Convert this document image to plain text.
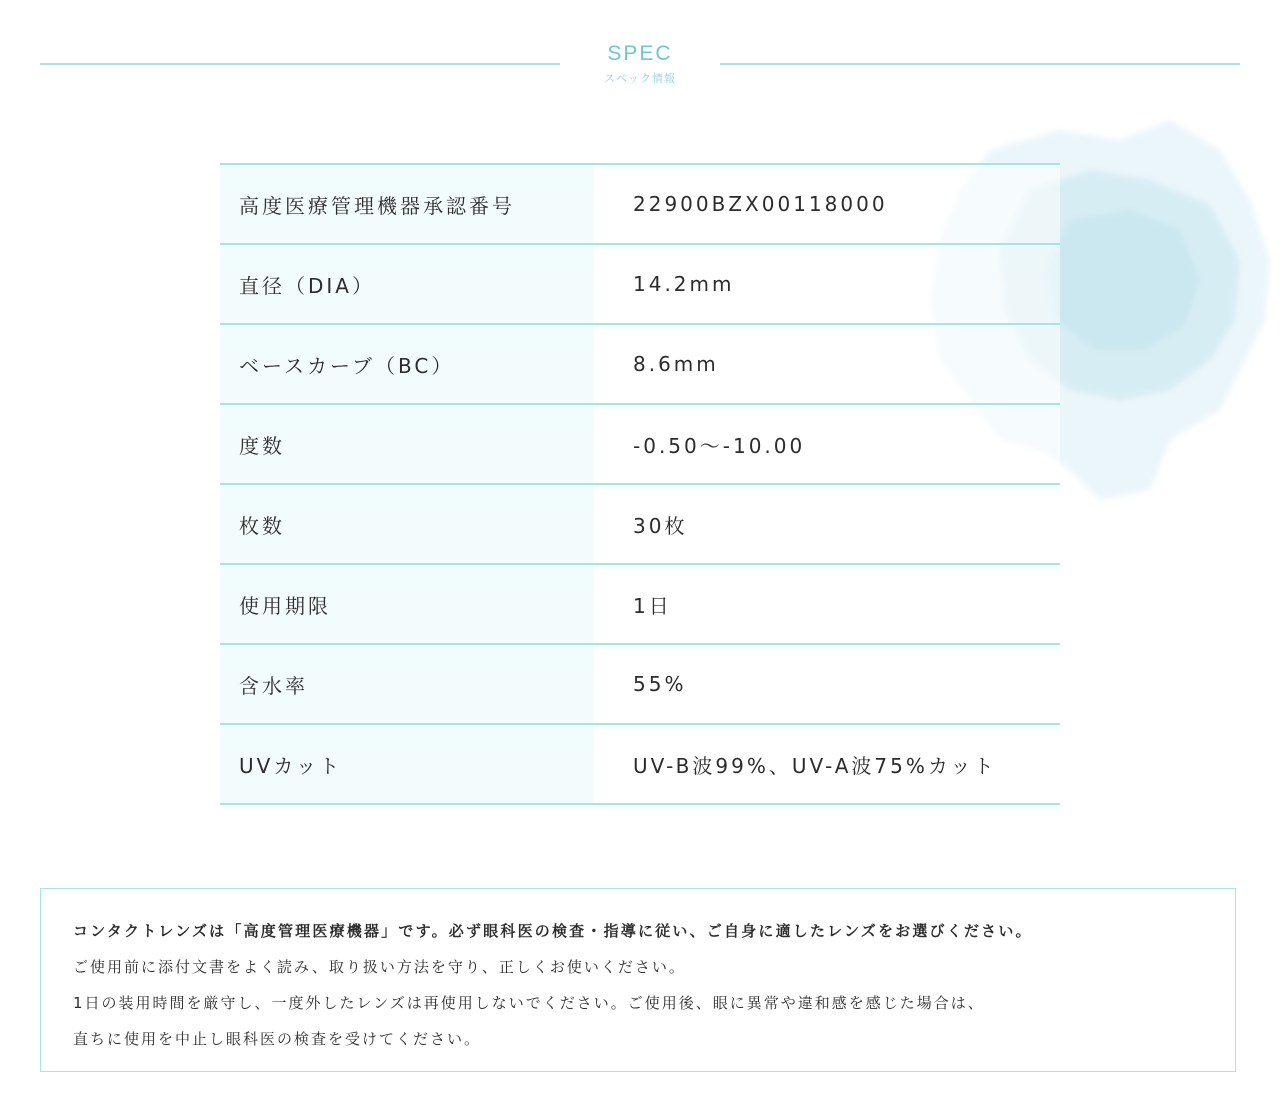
SPEC
スペック情報
高度医療管理機器承認番号	22900BZX00118000
直径（DIA）	14.2mm
ベースカーブ（BC）	8.6mm
度数	-0.50〜-10.00
枚数	30枚
使用期限	1日
含水率	55%
UVカット	UV-B波99%、UV-A波75%カット
コンタクトレンズは「高度管理医療機器」です。必ず眼科医の検査・指導に従い、ご自身に適したレンズをお選びください。
ご使用前に添付文書をよく読み、取り扱い方法を守り、正しくお使いください。
1日の装用時間を厳守し、一度外したレンズは再使用しないでください。ご使用後、眼に異常や違和感を感じた場合は、
直ちに使用を中止し眼科医の検査を受けてください。
